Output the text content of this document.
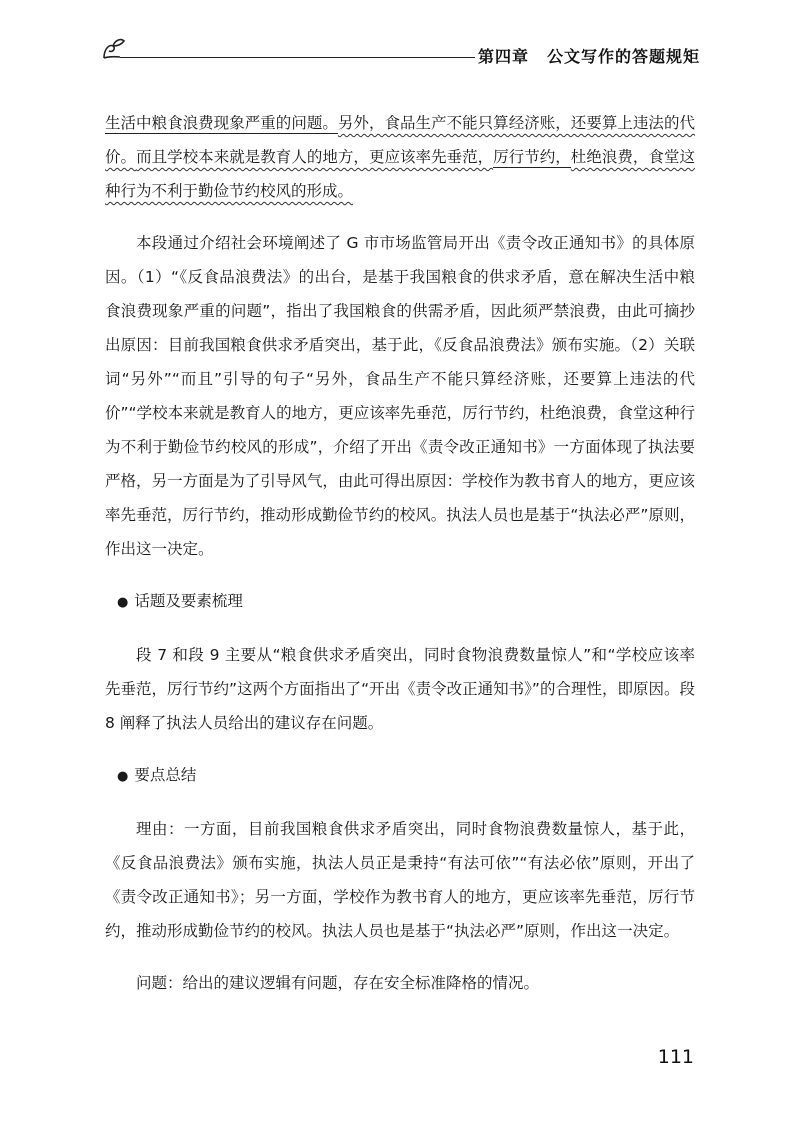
第四章 公文写作的答题规矩

生活中粮食浪费现象严重的问题。另外，食品生产不能只算经济账，还要算上违法的代价。而且学校本来就是教育人的地方，更应该率先垂范，厉行节约，杜绝浪费，食堂这种行为不利于勤俭节约校风的形成。

本段通过介绍社会环境阐述了 G 市市场监管局开出《责令改正通知书》的具体原因。（1）“《反食品浪费法》的出台，是基于我国粮食的供求矛盾，意在解决生活中粮食浪费现象严重的问题”，指出了我国粮食的供需矛盾，因此须严禁浪费，由此可摘抄出原因：目前我国粮食供求矛盾突出，基于此，《反食品浪费法》颁布实施。（2）关联词“另外”“而且”引导的句子“另外，食品生产不能只算经济账，还要算上违法的代价”“学校本来就是教育人的地方，更应该率先垂范，厉行节约，杜绝浪费，食堂这种行为不利于勤俭节约校风的形成”，介绍了开出《责令改正通知书》一方面体现了执法要严格，另一方面是为了引导风气，由此可得出原因：学校作为教书育人的地方，更应该率先垂范，厉行节约，推动形成勤俭节约的校风。执法人员也是基于“执法必严”原则，作出这一决定。

● 话题及要素梳理

段 7 和段 9 主要从“粮食供求矛盾突出，同时食物浪费数量惊人”和“学校应该率先垂范，厉行节约”这两个方面指出了“开出《责令改正通知书》”的合理性，即原因。段 8 阐释了执法人员给出的建议存在问题。

● 要点总结

理由：一方面，目前我国粮食供求矛盾突出，同时食物浪费数量惊人，基于此，《反食品浪费法》颁布实施，执法人员正是秉持“有法可依”“有法必依”原则，开出了《责令改正通知书》；另一方面，学校作为教书育人的地方，更应该率先垂范，厉行节约，推动形成勤俭节约的校风。执法人员也是基于“执法必严”原则，作出这一决定。

问题：给出的建议逻辑有问题，存在安全标准降格的情况。

111
